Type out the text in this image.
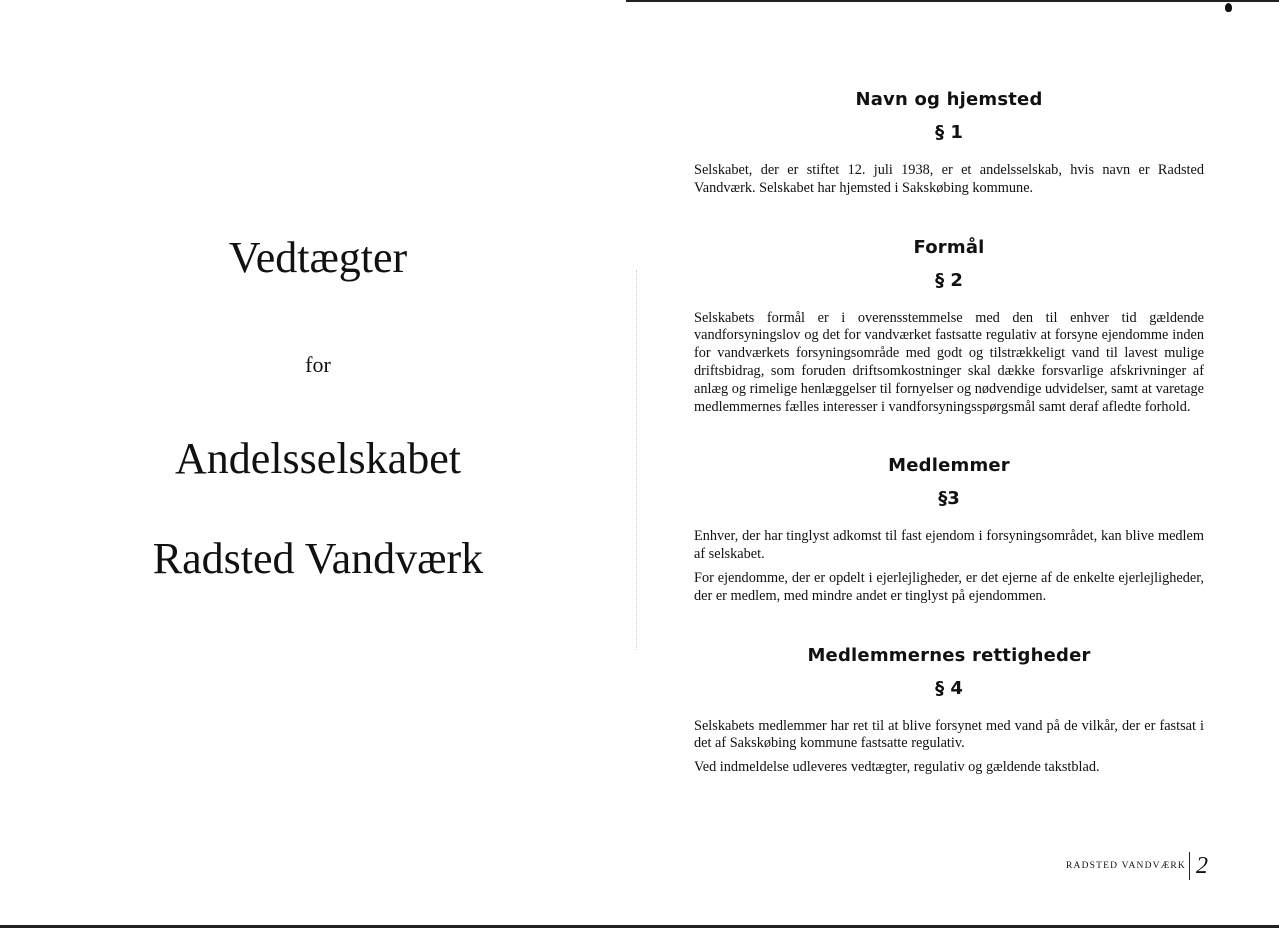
Vedtægter
for
Andelsselskabet
Radsted Vandværk
Navn og hjemsted
§ 1

Selskabet, der er stiftet 12. juli 1938, er et andelsselskab, hvis navn er Radsted Vandværk. Selskabet har hjemsted i Sakskøbing kommune.

Formål
§ 2

Selskabets formål er i overensstemmelse med den til enhver tid gældende vandforsyningslov og det for vandværket fastsatte regulativ at forsyne ejendomme inden for vandværkets forsyningsområde med godt og tilstrækkeligt vand til lavest mulige driftsbidrag, som foruden driftsomkostninger skal dække forsvarlige afskrivninger af anlæg og rimelige henlæggelser til fornyelser og nødvendige udvidelser, samt at varetage medlemmernes fælles interesser i vandforsyningsspørgsmål samt deraf afledte forhold.

Medlemmer
§3

Enhver, der har tinglyst adkomst til fast ejendom i forsyningsområdet, kan blive medlem af selskabet.

For ejendomme, der er opdelt i ejerlejligheder, er det ejerne af de enkelte ejerlejligheder, der er medlem, med mindre andet er tinglyst på ejendommen.

Medlemmernes rettigheder
§ 4

Selskabets medlemmer har ret til at blive forsynet med vand på de vilkår, der er fastsat i det af Sakskøbing kommune fastsatte regulativ.

Ved indmeldelse udleveres vedtægter, regulativ og gældende takstblad.

RADSTED VANDVÆRK 2
